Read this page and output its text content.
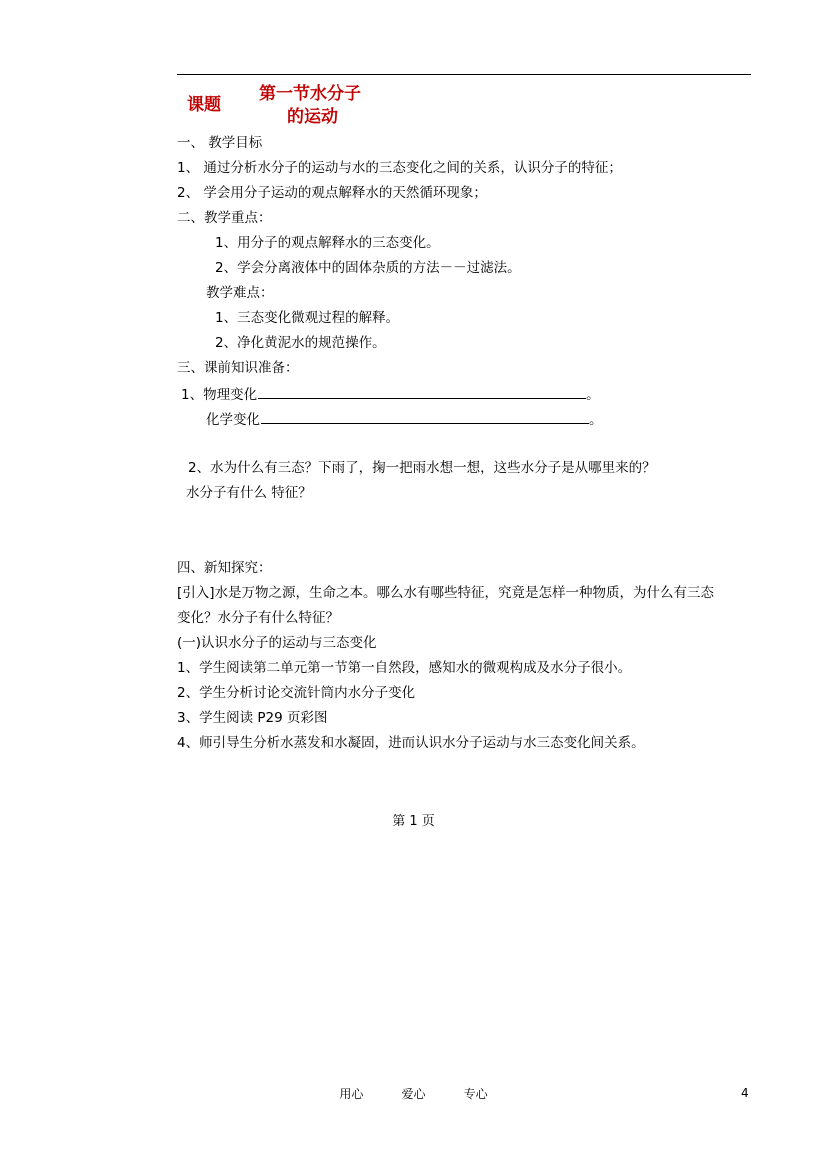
课题
第一节水分子
的运动
一、 教学目标
1、 通过分析水分子的运动与水的三态变化之间的关系，认识分子的特征；
2、 学会用分子运动的观点解释水的天然循环现象；
二、教学重点：
1、用分子的观点解释水的三态变化。
2、学会分离液体中的固体杂质的方法－－过滤法。
教学难点：
1、三态变化微观过程的解释。
2、净化黄泥水的规范操作。
三、课前知识准备：
1、物理变化	。
化学变化	。
2、水为什么有三态？下雨了，掬一把雨水想一想，这些水分子是从哪里来的？
水分子有什么 特征？
四、新知探究：
[引入]水是万物之源，生命之本。哪么水有哪些特征，究竟是怎样一种物质，为什么有三态
变化？水分子有什么特征？
(一)认识水分子的运动与三态变化
1、学生阅读第二单元第一节第一自然段，感知水的微观构成及水分子很小。
2、学生分析讨论交流针筒内水分子变化
3、学生阅读 P29 页彩图
4、师引导生分析水蒸发和水凝固，进而认识水分子运动与水三态变化间关系。
第 1 页
用心	爱心	专心	4
